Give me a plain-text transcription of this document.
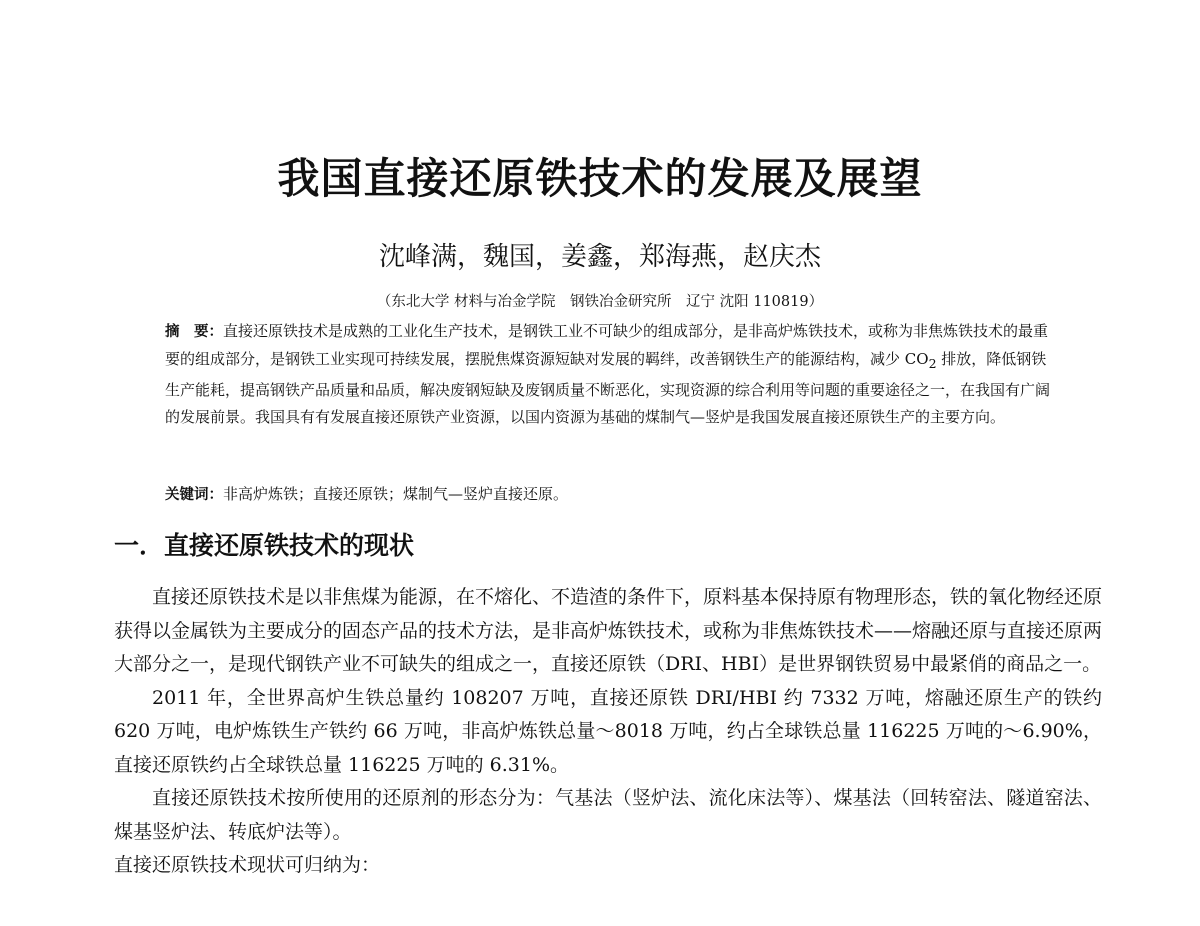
我国直接还原铁技术的发展及展望

沈峰满，魏国，姜鑫，郑海燕，赵庆杰

（东北大学 材料与冶金学院　钢铁冶金研究所　辽宁 沈阳 110819）

摘　要：直接还原铁技术是成熟的工业化生产技术，是钢铁工业不可缺少的组成部分，是非高炉炼铁技术，或称为非焦炼铁技术的最重要的组成部分，是钢铁工业实现可持续发展，摆脱焦煤资源短缺对发展的羁绊，改善钢铁生产的能源结构，减少 $CO_2$ 排放，降低钢铁生产能耗，提高钢铁产品质量和品质，解决废钢短缺及废钢质量不断恶化，实现资源的综合利用等问题的重要途径之一，在我国有广阔的发展前景。我国具有有发展直接还原铁产业资源，以国内资源为基础的煤制气—竖炉是我国发展直接还原铁生产的主要方向。

关键词：非高炉炼铁；直接还原铁；煤制气—竖炉直接还原。

一．直接还原铁技术的现状

直接还原铁技术是以非焦煤为能源，在不熔化、不造渣的条件下，原料基本保持原有物理形态，铁的氧化物经还原获得以金属铁为主要成分的固态产品的技术方法，是非高炉炼铁技术，或称为非焦炼铁技术——熔融还原与直接还原两大部分之一，是现代钢铁产业不可缺失的组成之一，直接还原铁（DRI、HBI）是世界钢铁贸易中最紧俏的商品之一。

2011 年，全世界高炉生铁总量约 108207 万吨，直接还原铁 DRI/HBI 约 7332 万吨，熔融还原生产的铁约 620 万吨，电炉炼铁生产铁约 66 万吨，非高炉炼铁总量～8018 万吨，约占全球铁总量 116225 万吨的～6.90%，直接还原铁约占全球铁总量 116225 万吨的 6.31%。

直接还原铁技术按所使用的还原剂的形态分为：气基法（竖炉法、流化床法等）、煤基法（回转窑法、隧道窑法、煤基竖炉法、转底炉法等）。

直接还原铁技术现状可归纳为：
